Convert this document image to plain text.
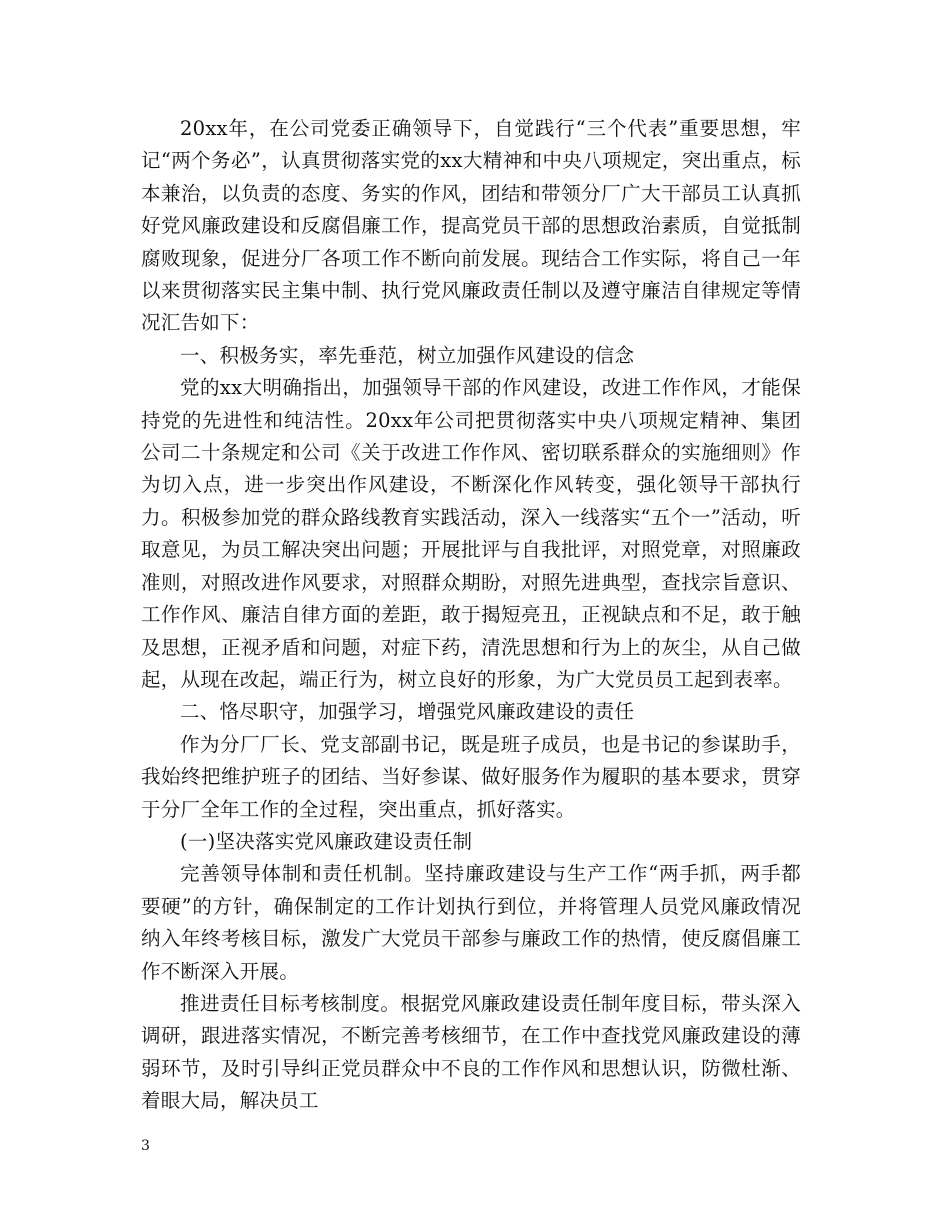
20xx年，在公司党委正确领导下，自觉践行“三个代表”重要思想，牢记“两个务必”，认真贯彻落实党的xx大精神和中央八项规定，突出重点，标本兼治，以负责的态度、务实的作风，团结和带领分厂广大干部员工认真抓好党风廉政建设和反腐倡廉工作，提高党员干部的思想政治素质，自觉抵制腐败现象，促进分厂各项工作不断向前发展。现结合工作实际，将自己一年以来贯彻落实民主集中制、执行党风廉政责任制以及遵守廉洁自律规定等情况汇告如下：

一、积极务实，率先垂范，树立加强作风建设的信念

党的xx大明确指出，加强领导干部的作风建设，改进工作作风，才能保持党的先进性和纯洁性。20xx年公司把贯彻落实中央八项规定精神、集团公司二十条规定和公司《关于改进工作作风、密切联系群众的实施细则》作为切入点，进一步突出作风建设，不断深化作风转变，强化领导干部执行力。积极参加党的群众路线教育实践活动，深入一线落实“五个一”活动，听取意见，为员工解决突出问题；开展批评与自我批评，对照党章，对照廉政准则，对照改进作风要求，对照群众期盼，对照先进典型，查找宗旨意识、工作作风、廉洁自律方面的差距，敢于揭短亮丑，正视缺点和不足，敢于触及思想，正视矛盾和问题，对症下药，清洗思想和行为上的灰尘，从自己做起，从现在改起，端正行为，树立良好的形象，为广大党员员工起到表率。

二、恪尽职守，加强学习，增强党风廉政建设的责任

作为分厂厂长、党支部副书记，既是班子成员，也是书记的参谋助手，我始终把维护班子的团结、当好参谋、做好服务作为履职的基本要求，贯穿于分厂全年工作的全过程，突出重点，抓好落实。

(一)坚决落实党风廉政建设责任制

完善领导体制和责任机制。坚持廉政建设与生产工作“两手抓，两手都要硬”的方针，确保制定的工作计划执行到位，并将管理人员党风廉政情况纳入年终考核目标，激发广大党员干部参与廉政工作的热情，使反腐倡廉工作不断深入开展。

推进责任目标考核制度。根据党风廉政建设责任制年度目标，带头深入调研，跟进落实情况，不断完善考核细节，在工作中查找党风廉政建设的薄弱环节，及时引导纠正党员群众中不良的工作作风和思想认识，防微杜渐、着眼大局，解决员工

3
